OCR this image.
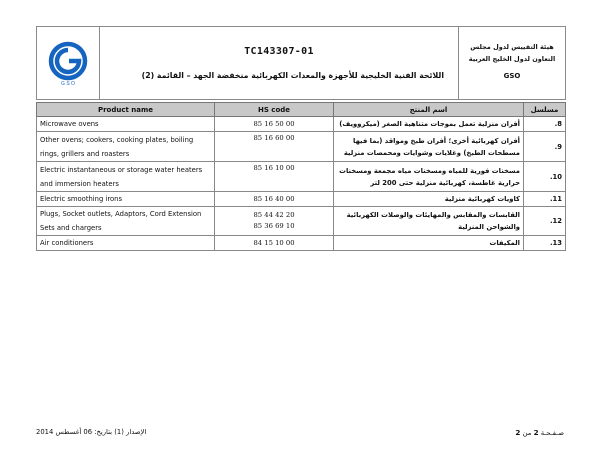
G S O
TC143307-01
اللائحة الفنية الخليجية للأجهزة والمعدات الكهربائية منخفضة الجهد – القائمة (2)
هيئة التقييس لدول مجلس
التعاون لدول الخليج العربية
GSO
Product name	HS code	اسم المنتج	مسلسل
Microwave ovens	85 16 50 00	أفران منزلية تعمل بموجات متناهية الصغر (ميكروويف)	8.
Other ovens; cookers, cooking plates, boiling
rings, grillers and roasters	85 16 60 00	أفران كهربائية أخرى؛ أفران طبخ ومواقد (بما فيها مسطحات الطبخ) وغلايات وشوايات ومحمصات منزلية	9.
Electric instantaneous or storage water heaters
and immersion heaters	85 16 10 00	مسخنات فورية للمياه ومسخنات مياه مجمعة ومسخنات حرارية غاطسة، كهربائية منزلية حتى 200 لتر	10.
Electric smoothing irons	85 16 40 00	كاويات كهربائية منزلية	11.
Plugs, Socket outlets, Adaptors, Cord Extension
Sets and chargers	85 44 42 20
85 36 69 10	القابسات والمقابس والمهايئات والوصلات الكهربائية والشواحن المنزلية	12.
Air conditioners	84 15 10 00	المكيفات	13.
الإصدار (1) بتاريخ: 06 أغسطس 2014	صـفـحـة 2 من 2
